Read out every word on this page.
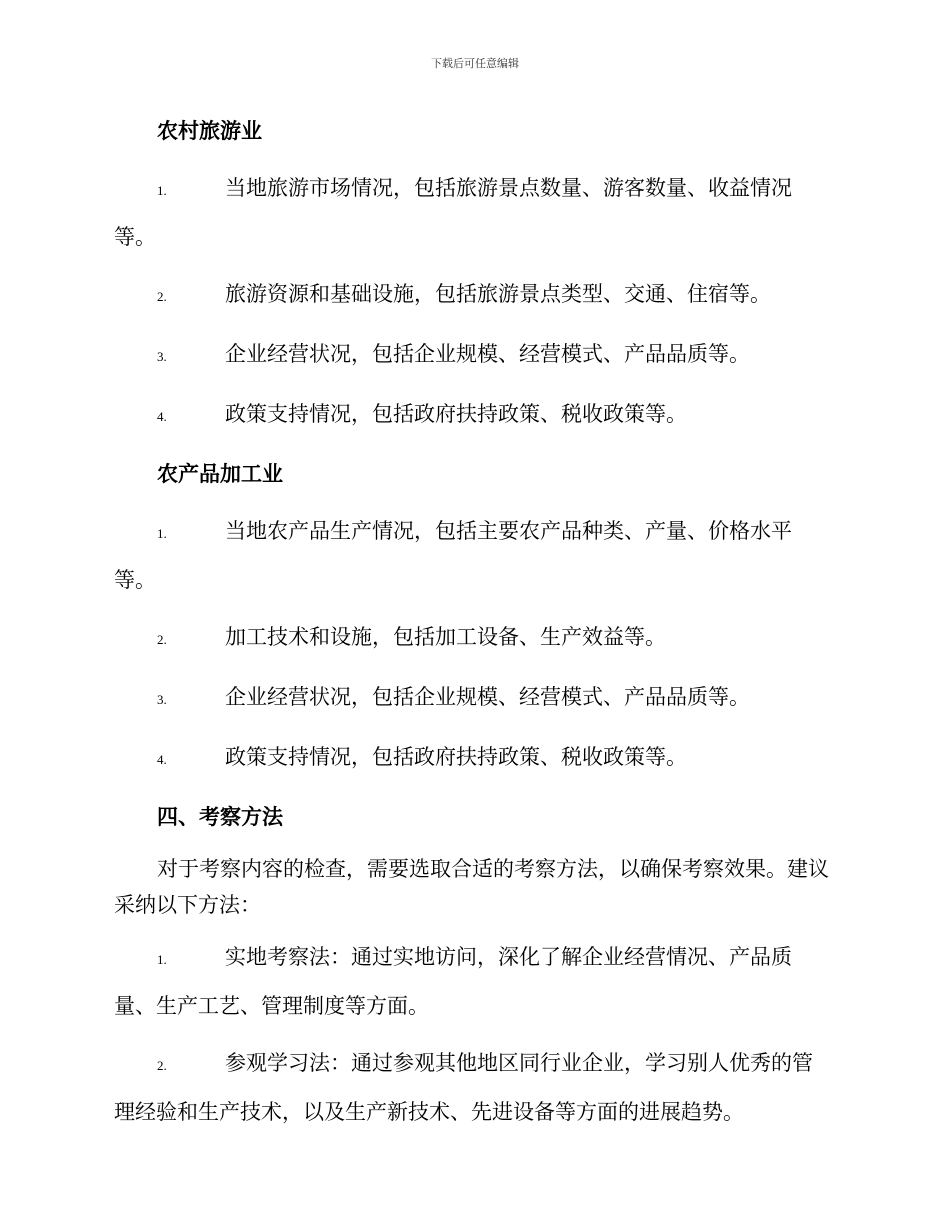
下载后可任意编辑
农村旅游业
1.	当地旅游市场情况，包括旅游景点数量、游客数量、收益情况
等。
2.	旅游资源和基础设施，包括旅游景点类型、交通、住宿等。
3.	企业经营状况，包括企业规模、经营模式、产品品质等。
4.	政策支持情况，包括政府扶持政策、税收政策等。
农产品加工业
1.	当地农产品生产情况，包括主要农产品种类、产量、价格水平
等。
2.	加工技术和设施，包括加工设备、生产效益等。
3.	企业经营状况，包括企业规模、经营模式、产品品质等。
4.	政策支持情况，包括政府扶持政策、税收政策等。
四、考察方法

对于考察内容的检查，需要选取合适的考察方法，以确保考察效果。建议采纳以下方法：

1.	实地考察法：通过实地访问，深化了解企业经营情况、产品质
量、生产工艺、管理制度等方面。
2.	参观学习法：通过参观其他地区同行业企业，学习别人优秀的管
理经验和生产技术，以及生产新技术、先进设备等方面的进展趋势。
